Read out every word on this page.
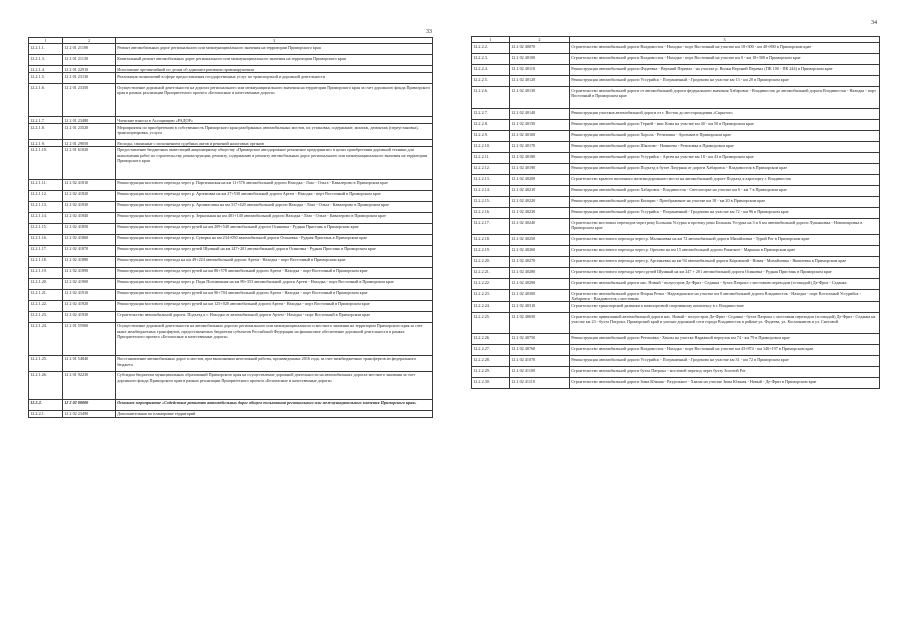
33
34
1	2	3
12.2.1.1.	12 2 01 21100	Ремонт автомобильных дорог регионального или межмуниципального значения на территории Приморского края
12.2.1.3.	12 2 01 21130	Капитальный ремонт автомобильных дорог регионального или межмуниципального значения на территории Приморского края
12.2.1.4.	12 2 01 22910	Исполнение чрезвычайной по делам об административном правонарушении
12.2.1.5.	12 2 01 23130	Реализация полномочий в сфере предоставления государственных услуг по транспортной и дорожной деятельности
12.2.1.6.	12 2 01 23350	Осуществление дорожной деятельности на дорогах регионального или межмуниципального значения на территории Приморского края за счет дорожного фонда Приморского края в рамках реализации Приоритетного проекта «Безопасные и качественные дороги»
12.2.1.7.	12 2 01 23480	Членские взносы в Ассоциацию «РАДОР»
12.2.1.8.	12 2 01 23520	Мероприятия по приобретению в собственность Приморского края разобранных автомобильных мостов, их установка, содержание, монтаж, демонтаж (переустановка), транспортировка, услуги
12.2.1.9.	12 2 01 29050	Расходы, связанные с исполнением судебных актов и решений налоговых органов
12.2.1.10.	12 2 01 61020	Предоставление бюджетных инвестиций акционерному обществу «Приморское автодорожное ремонтное предприятие» в целях приобретения дорожной техники для выполнения работ по строительству, реконструкции, ремонту, содержанию и ремонту автомобильных дорог регионального или межмуниципального значения на территории Приморского края
12.2.1.11.	12 2 02 41810	Реконструкция мостового перехода через р. Партизанская на км 11+576 автомобильной дороги Находка - Лазо - Ольга - Кавалерово в Приморском крае
12.2.1.12.	12 2 02 41820	Реконструкция мостового перехода через р. Артемовка на км 27+530 автомобильной дороги Артем - Находка - порт Восточный в Приморском крае
12.2.1.13.	12 2 02 41830	Реконструкция мостового перехода через р. Арзамасовка на км 317+420 автомобильной дороги Находка - Лазо - Ольга - Кавалерово в Приморском крае
12.2.1.14.	12 2 02 41840	Реконструкция мостового перехода через р. Зеркальная на км 401+140 автомобильной дороги Находка - Лазо - Ольга - Кавалерово в Приморском крае
12.2.1.15.	12 2 02 41850	Реконструкция мостового перехода через ручей на км 209+540 автомобильной дороги Осиновка - Рудная Пристань в Приморском крае
12.2.1.16.	12 2 02 41860	Реконструкция мостового перехода через р. Суворка на км 234+050 автомобильной дороги Осиновка - Рудная Пристань в Приморском крае
12.2.1.17.	12 2 02 41870	Реконструкция мостового перехода через ручей Шумный на км 247+201 автомобильной дороги Осиновка - Рудная Пристань в Приморском крае
12.2.1.18.	12 2 02 41880	Реконструкция мостового перехода на км 49+224 автомобильной дороги Артем - Находка - порт Восточный в Приморском крае
12.2.1.19.	12 2 02 41890	Реконструкция мостового перехода через ручей на км 86+578 автомобильной дороги Артем - Находка - порт Восточный в Приморском крае
12.2.1.20.	12 2 02 41900	Реконструкция мостового перехода через р. Пади Положенная на км 89+353 автомобильной дороги Артем - Находка - порт Восточный в Приморском крае
12.2.1.21.	12 2 02 41910	Реконструкция мостового перехода через ручей на км 96+704 автомобильной дороги Артем - Находка - порт Восточный в Приморском крае
12.2.1.22.	12 2 02 41920	Реконструкция мостового перехода через ручей на км 125+020 автомобильной дороги Артем - Находка - порт Восточный в Приморском крае
12.2.1.23.	12 2 02 41930	Строительство автомобильной дороги. Подъезд к г. Находка от автомобильной дороги Артем - Находка - порт Восточный в Приморском крае
12.2.1.24.	12 2 01 55900	Осуществление дорожной деятельности на автомобильных дорогах регионального или межмуниципального и местного значения на территории Приморского края за счет иных межбюджетных трансфертов, предоставляемых бюджетам субъектов Российской Федерации на финансовое обеспечение дорожной деятельности в рамках Приоритетного проекта «Безопасные и качественные дороги»
12.2.1.25.	12 2 01 54840	Восстановление автомобильных дорог и мостов, при выполнении неотложной работы, произведенных 2016 года, за счет межбюджетных трансфертов из федерального бюджета
12.2.1.26.	12 2 01 92230	Субсидии бюджетам муниципальных образований Приморского края на осуществление дорожной деятельности на автомобильных дорогах местного значения за счет дорожного фонда Приморского края в рамках реализации Приоритетного проекта «Безопасные и качественные дороги»
12.2.2.	12 2 02 00000	Основное мероприятие «Содействие развитию автомобильных дорог общего пользования регионального или межмуниципального значения Приморского края»
12.2.2.1.	12 2 02 23490	Дополнительная по планировке территорий
1	2	3
12.2.2.2.	12 2 02 40070	Строительство автомобильной дороги Владивосток - Находка - порт Восточный на участке км 18+300 - км 40+800 в Приморском крае
12.2.2.3.	12 2 02 40100	Строительство автомобильной дороги Владивосток - Находка - порт Восточный на участке км 0 - км 18+300 в Приморском крае
12.2.2.4.	12 2 02 40110	Реконструкция автомобильной дороги Фадеевка - Верхний Перевал - на участке р. Вилки Верхний Перевал (ПК 100 - ПК 244) в Приморском крае
12.2.2.5.	12 2 02 40120	Реконструкция автомобильной дороги Уссурийск - Пограничный - Гродеково на участке км 13 - км 20 в Приморском крае
12.2.2.6.	12 2 02 40130	Строительство автомобильной дороги от автомобильной дороги федерального значения Хабаровск - Владивосток до автомобильной дороги Владивосток - Находка - порт Восточный в Приморском крае
12.2.2.7.	12 2 02 40140	Реконструкция участков автомобильной дороги от г. Восток до месторождения «Скрытое»
12.2.2.8.	12 2 02 40150	Реконструкция автомобильной дороги Терней - мыс Кома на участке км 40 - км 50 в Приморском крае
12.2.2.9.	12 2 02 40160	Реконструкция автомобильной дороги Хороль - Ретиховка - Арсеньев в Приморском крае
12.2.2.10.	12 2 02 40170	Реконструкция автомобильной дороги Шкотово - Новнеева - Ретиховка в Приморском крае
12.2.2.11.	12 2 02 40180	Реконструкция автомобильной дороги Уссурийск - Артем на участке км 18 - км 43 в Приморском крае
12.2.2.12.	12 2 02 40190	Реконструкция автомобильной дороги Подъезд к бухте Лазурная от дороги Хабаровск - Владивосток в Приморском крае
12.2.2.13.	12 2 02 40200	Строительство крытого вилочного железнодорожного моста на автомобильной дороге Подъезд к аэропорту г. Владивосток
12.2.2.14.	12 2 02 40210	Реконструкция автомобильной дороги Хабаровск - Владивосток - Светлогорье на участке км 6 - км 7 в Приморском крае
12.2.2.15.	12 2 02 40220	Реконструкция автомобильной дороги Кипарис - Преображение на участке км 18 - км 20 в Приморском крае
12.2.2.16.	12 2 02 40230	Реконструкция автомобильной дороги Уссурийск - Пограничный - Гродеково на участке км 72 - км 96 в Приморском крае
12.2.2.17.	12 2 02 40240	Строительство мостовых переходов через реку Большая Уссурка и протоку реки Большая Уссурка на 3 и 6 км автомобильной дороги Лукьяновка - Новопокровка в Приморском крае
12.2.2.18.	12 2 02 40250	Строительство мостового перехода через р. Малышевка на км 72 автомобильной дороги Михайловка - Турий Рог в Приморском крае
12.2.2.19.	12 2 02 40260	Строительство мостового перехода через р. Орехово на км 15 автомобильной дороги Ракитное - Марьина в Приморском крае
12.2.2.20.	12 2 02 40270	Строительство мостового перехода через р. Арсеньевка на км 94 автомобильной дороги Кировский - Новая - Михайловка - Яковлевка в Приморском крае
12.2.2.21.	12 2 02 40280	Строительство мостового перехода через ручей Шумный на км 247 + 201 автомобильной дороги Осиновка - Рудная Пристань в Приморском крае
12.2.2.22.	12 2 02 40290	Строительство автомобильной дороги нас. Новый - полуостров Де-Фриз - Седанка - бухта Патрокл с мостовым переходом (эстакадой) Де-Фриз - Седанка
12.2.2.23.	12 2 02 40300	Строительство автомобильной дороги Вторая Речка - Надеждинское на участке км 0 автомобильной дороги Владивосток - Находка - порт Восточный Уссурийск - Хабаровск - Владивосток с мостовым
12.2.2.24.	12 2 02 40310	Строительство транспортной развязки в межпортовой спортивному комплексу в г. Владивостоке
12.2.2.25.	12 2 02 40650	Строительство привязанной автомобильной дороги нас. Новый - полуостров Де-Фриз - Седанка - бухта Патрокл с мостовым переходом (эстакадой) Де-Фриз - Седанка на участке км 23 - бухта Патрокл, Приморский край и улично-дорожной сети города Владивосток в районе ул. Фадеева, ул. Космонавтов и ул. Снеговой
12.2.2.26.	12 2 02 40750	Реконструкция автомобильной дороги Ретиховка - Хвалы на участке Наражной переулок км 74 - км 79 в Приморском крае
12.2.2.27.	12 2 02 40760	Строительство автомобильной дороги Владивосток - Находка - порт Восточный на участке км 43+874 - км 146+197 в Приморском крае
12.2.2.28.	12 2 02 41070	Реконструкция автомобильной дороги Уссурийск - Пограничный - Гродеково на участке км 31 - км 72 в Приморском крае
12.2.2.29.	12 2 02 41100	Строительство автомобильной дороги бухта Патрокл - мостовой переход через бухту Золотой Рог
12.2.2.30.	12 2 02 41110	Строительство автомобильной дороги Зима Южная - Раздольное - Хвалы на участке Зима Южная - Новый - Де-Фриз в Приморском крае
